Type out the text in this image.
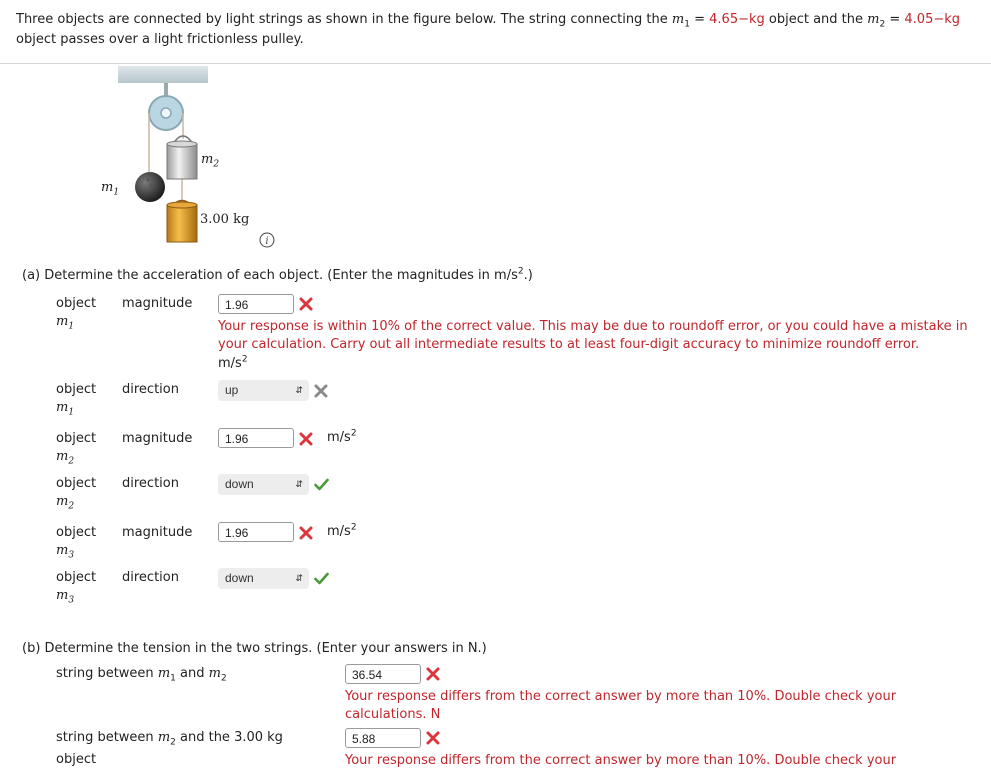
Three objects are connected by light strings as shown in the figure below. The string connecting the $m_1 = 4.65-kg$ object and the $m_2 = 4.05-kg$ object passes over a light frictionless pulley.
$m_1$
$m_2$
3.00 kg
i
(a) Determine the acceleration of each object. (Enter the magnitudes in $m/s^2$.)
object
$m_1$
magnitude	1.96
Your response is within 10% of the correct value. This may be due to roundoff error, or you could have a mistake in your calculation. Carry out all intermediate results to at least four-digit accuracy to minimize roundoff error.
$m/s^2$
object
$m_1$
direction	up	⇵
object
$m_2$
magnitude	1.96	$m/s^2$
object
$m_2$
direction	down	⇵
object
$m_3$
magnitude	1.96	$m/s^2$
object
$m_3$
direction	down	⇵
(b) Determine the tension in the two strings. (Enter your answers in N.)
string between $m_1$ and $m_2$	36.54
Your response differs from the correct answer by more than 10%. Double check your calculations. N
string between $m_2$ and the 3.00 kg
object
5.88
Your response differs from the correct answer by more than 10%. Double check your
